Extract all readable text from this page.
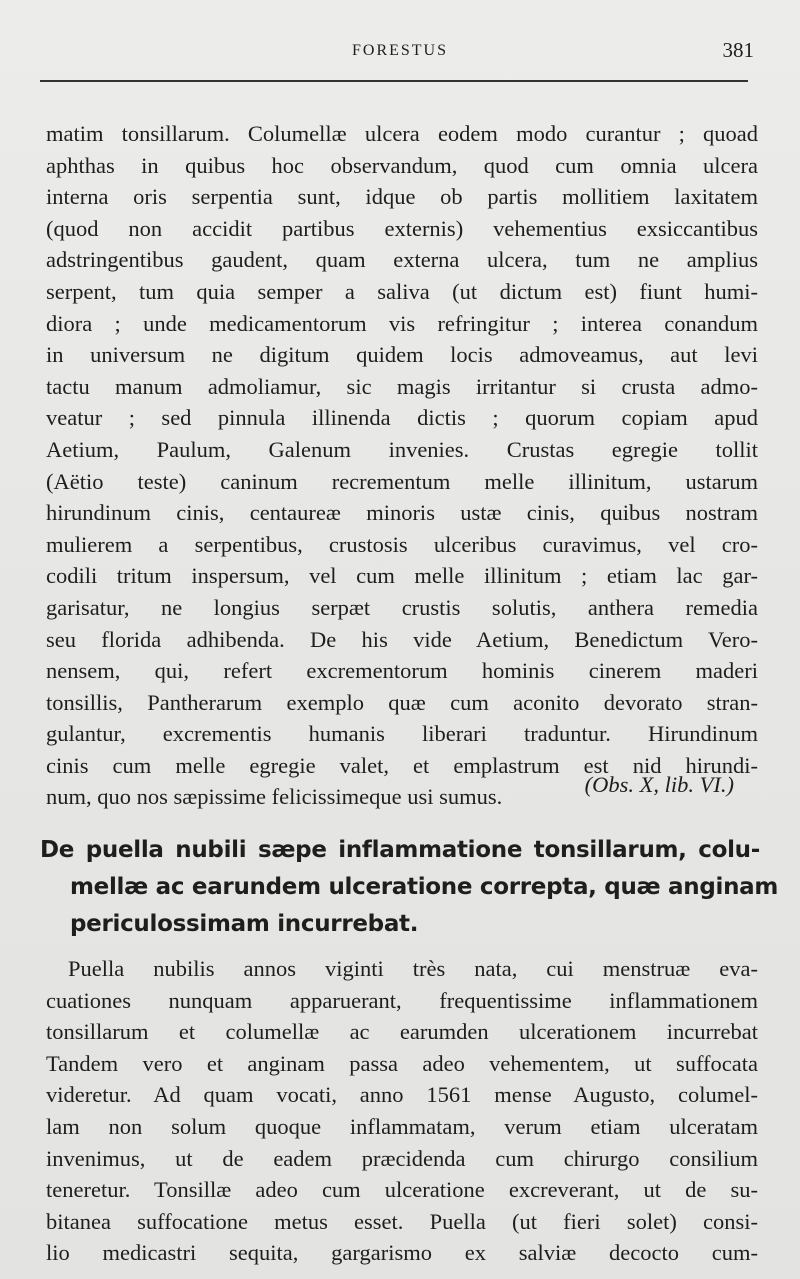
FORESTUS	381
matim tonsillarum. Columellæ ulcera eodem modo curantur ; quoad
aphthas in quibus hoc observandum, quod cum omnia ulcera
interna oris serpentia sunt, idque ob partis mollitiem laxitatem
(quod non accidit partibus externis) vehementius exsiccantibus
adstringentibus gaudent, quam externa ulcera, tum ne amplius
serpent, tum quia semper a saliva (ut dictum est) fiunt humi-
diora ; unde medicamentorum vis refringitur ; interea conandum
in universum ne digitum quidem locis admoveamus, aut levi
tactu manum admoliamur, sic magis irritantur si crusta admo-
veatur ; sed pinnula illinenda dictis ; quorum copiam apud
Aetium, Paulum, Galenum invenies. Crustas egregie tollit
(Aëtio teste) caninum recrementum melle illinitum, ustarum
hirundinum cinis, centaureæ minoris ustæ cinis, quibus nostram
mulierem a serpentibus, crustosis ulceribus curavimus, vel cro-
codili tritum inspersum, vel cum melle illinitum ; etiam lac gar-
garisatur, ne longius serpæt crustis solutis, anthera remedia
seu florida adhibenda. De his vide Aetium, Benedictum Vero-
nensem, qui, refert excrementorum hominis cinerem maderi
tonsillis, Pantherarum exemplo quæ cum aconito devorato stran-
gulantur, excrementis humanis liberari traduntur. Hirundinum
cinis cum melle egregie valet, et emplastrum est nid hirundi-
num, quo nos sæpissime felicissimeque usi sumus.	(Obs. X, lib. VI.)
De puella nubili sæpe inflammatione tonsillarum, colu-
mellæ ac earundem ulceratione correpta, quæ anginam
periculossimam incurrebat.
Puella nubilis annos viginti très nata, cui menstruæ eva-
cuationes nunquam apparuerant, frequentissime inflammationem
tonsillarum et columellæ ac earumden ulcerationem incurrebat
Tandem vero et anginam passa adeo vehementem, ut suffocata
videretur. Ad quam vocati, anno 1561 mense Augusto, columel-
lam non solum quoque inflammatam, verum etiam ulceratam
invenimus, ut de eadem præcidenda cum chirurgo consilium
teneretur. Tonsillæ adeo cum ulceratione excreverant, ut de su-
bitanea suffocatione metus esset. Puella (ut fieri solet) consi-
lio medicastri sequita, gargarismo ex salviæ decocto cum-
